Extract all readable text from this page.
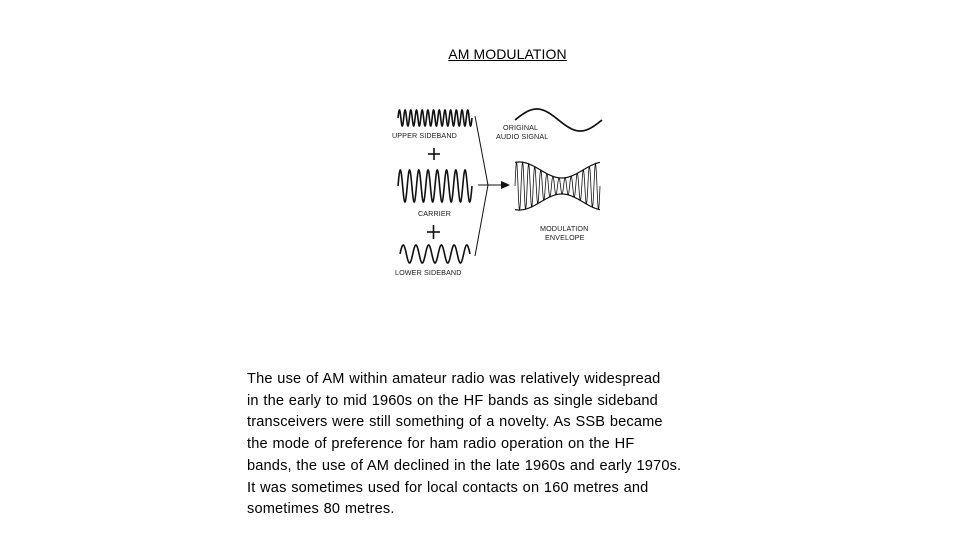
AM MODULATION
UPPER SIDEBAND
CARRIER
LOWER SIDEBAND
ORIGINAL
AUDIO SIGNAL
MODULATION
ENVELOPE
The use of AM within amateur radio was relatively widespread
in the early to mid 1960s on the HF bands as single sideband
transceivers were still something of a novelty. As SSB became
the mode of preference for ham radio operation on the HF
bands, the use of AM declined in the late 1960s and early 1970s.
It was sometimes used for local contacts on 160 metres and
sometimes 80 metres.
